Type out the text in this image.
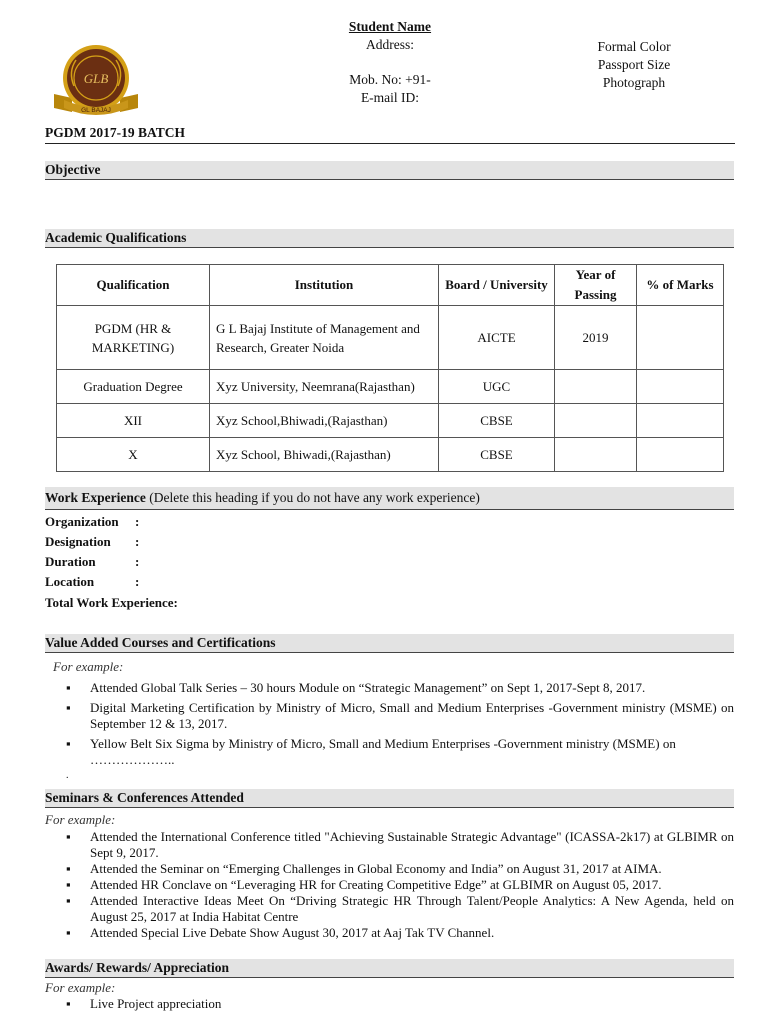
GLB
GL BAJAJ
Student Name
Address:
Mob. No: +91-
E-mail ID:
Formal Color
Passport Size
Photograph
PGDM 2017-19 BATCH
Objective
Academic Qualifications
Qualification	Institution	Board / University	Year of Passing	% of Marks
PGDM (HR & MARKETING)	G L Bajaj Institute of Management and Research, Greater Noida	AICTE	2019	
Graduation Degree	Xyz University, Neemrana(Rajasthan)	UGC		
XII	Xyz School,Bhiwadi,(Rajasthan)	CBSE		
X	Xyz School, Bhiwadi,(Rajasthan)	CBSE		
Work Experience (Delete this heading if you do not have any work experience)
Organization :
Designation :
Duration	:
Location	:
Total Work Experience:
Value Added Courses and Certifications
For example:
▪ Attended Global Talk Series – 30 hours Module on “Strategic Management” on Sept 1, 2017-Sept 8, 2017.
▪ Digital Marketing Certification by Ministry of Micro, Small and Medium Enterprises -Government ministry (MSME) on September 12 & 13, 2017.
▪ Yellow Belt Six Sigma by Ministry of Micro, Small and Medium Enterprises -Government ministry (MSME) on ………………..
.
Seminars & Conferences Attended
For example:
▪ Attended the International Conference titled "Achieving Sustainable Strategic Advantage" (ICASSA-2k17) at GLBIMR on Sept 9, 2017.
▪ Attended the Seminar on “Emerging Challenges in Global Economy and India” on August 31, 2017 at AIMA.
▪ Attended HR Conclave on “Leveraging HR for Creating Competitive Edge” at GLBIMR on August 05, 2017.
▪ Attended Interactive Ideas Meet On “Driving Strategic HR Through Talent/People Analytics: A New Agenda, held on August 25, 2017 at India Habitat Centre
▪ Attended Special Live Debate Show August 30, 2017 at Aaj Tak TV Channel.
Awards/ Rewards/ Appreciation
For example:
▪ Live Project appreciation
